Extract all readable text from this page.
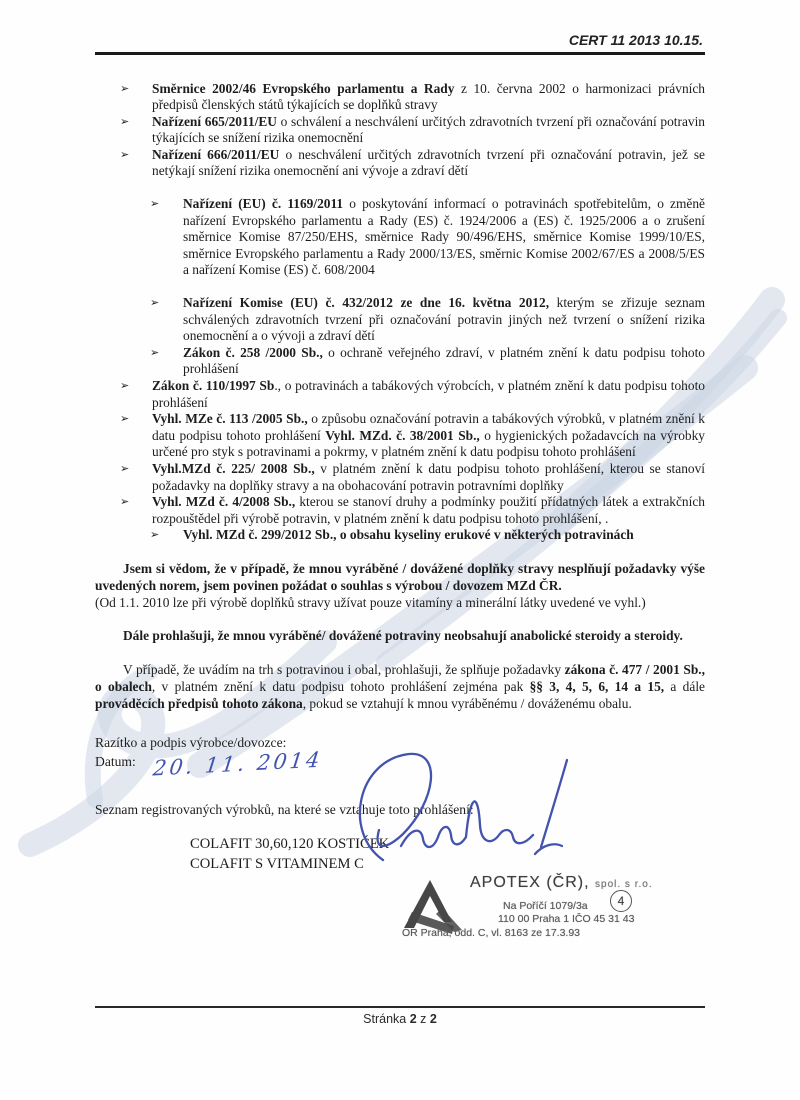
CERT 11 2013 10.15.
➢ Směrnice 2002/46 Evropského parlamentu a Rady z 10. června 2002 o harmonizaci právních předpisů členských států týkajících se doplňků stravy
➢ Nařízení 665/2011/EU o schválení a neschválení určitých zdravotních tvrzení při označování potravin týkajících se snížení rizika onemocnění
➢ Nařízení 666/2011/EU o neschválení určitých zdravotních tvrzení při označování potravin, jež se netýkají snížení rizika onemocnění ani vývoje a zdraví dětí
➢ Nařízení (EU) č. 1169/2011 o poskytování informací o potravinách spotřebitelům, o změně nařízení Evropského parlamentu a Rady (ES) č. 1924/2006 a (ES) č. 1925/2006 a o zrušení směrnice Komise 87/250/EHS, směrnice Rady 90/496/EHS, směrnice Komise 1999/10/ES, směrnice Evropského parlamentu a Rady 2000/13/ES, směrnic Komise 2002/67/ES a 2008/5/ES a nařízení Komise (ES) č. 608/2004
➢ Nařízení Komise (EU) č. 432/2012 ze dne 16. května 2012, kterým se zřizuje seznam schválených zdravotních tvrzení při označování potravin jiných než tvrzení o snížení rizika onemocnění a o vývoji a zdraví dětí
➢ Zákon č. 258 /2000 Sb., o ochraně veřejného zdraví, v platném znění k datu podpisu tohoto prohlášení
➢ Zákon č. 110/1997 Sb., o potravinách a tabákových výrobcích, v platném znění k datu podpisu tohoto prohlášení
➢ Vyhl. MZe č. 113 /2005 Sb., o způsobu označování potravin a tabákových výrobků, v platném znění k datu podpisu tohoto prohlášení Vyhl. MZd. č. 38/2001 Sb., o hygienických požadavcích na výrobky určené pro styk s potravinami a pokrmy, v platném znění k datu podpisu tohoto prohlášení
➢ Vyhl.MZd č. 225/ 2008 Sb., v platném znění k datu podpisu tohoto prohlášení, kterou se stanoví požadavky na doplňky stravy a na obohacování potravin potravními doplňky
➢ Vyhl. MZd č. 4/2008 Sb., kterou se stanoví druhy a podmínky použití přídatných látek a extrakčních rozpouštědel při výrobě potravin, v platném znění k datu podpisu tohoto prohlášení, .
➢ Vyhl. MZd č. 299/2012 Sb., o obsahu kyseliny erukové v některých potravinách

Jsem si vědom, že v případě, že mnou vyráběné / dovážené doplňky stravy nesplňují požadavky výše uvedených norem, jsem povinen požádat o souhlas s výrobou / dovozem MZd ČR.

(Od 1.1. 2010 lze při výrobě doplňků stravy užívat pouze vitamíny a minerální látky uvedené ve vyhl.)

Dále prohlašuji, že mnou vyráběné/ dovážené potraviny neobsahují anabolické steroidy a steroidy.

V případě, že uvádím na trh s potravinou i obal, prohlašuji, že splňuje požadavky zákona č. 477 / 2001 Sb., o obalech, v platném znění k datu podpisu tohoto prohlášení zejména pak §§ 3, 4, 5, 6, 14 a 15, a dále prováděcích předpisů tohoto zákona, pokud se vztahují k mnou vyráběnému / dováženému obalu.

Razítko a podpis výrobce/dovozce:
Datum: 20. 11. 2014
Seznam registrovaných výrobků, na které se vztahuje toto prohlášení:
COLAFIT 30,60,120 KOSTIČEK
COLAFIT S VITAMINEM C
APOTEX (ČR), spol. s r.o.
Na Poříčí 1079/3a
110 00 Praha 1 IČO 45 31 43
OR Praha, odd. C, vl. 8163 ze 17.3.93
4
Stránka 2 z 2
